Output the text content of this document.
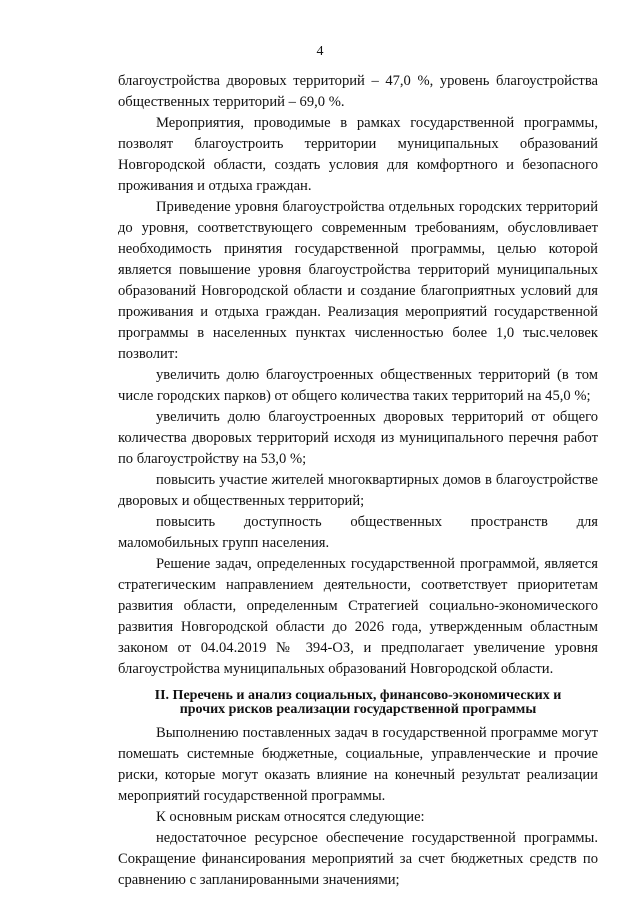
4

благоустройства дворовых территорий – 47,0 %, уровень благоустройства общественных территорий – 69,0 %.

Мероприятия, проводимые в рамках государственной программы, позволят благоустроить территории муниципальных образований Новгородской области, создать условия для комфортного и безопасного проживания и отдыха граждан.

Приведение уровня благоустройства отдельных городских территорий до уровня, соответствующего современным требованиям, обусловливает необходимость принятия государственной программы, целью которой является повышение уровня благоустройства территорий муниципальных образований Новгородской области и создание благоприятных условий для проживания и отдыха граждан. Реализация мероприятий государственной программы в населенных пунктах численностью более 1,0 тыс.человек позволит:

увеличить долю благоустроенных общественных территорий (в том числе городских парков) от общего количества таких территорий на 45,0 %;

увеличить долю благоустроенных дворовых территорий от общего количества дворовых территорий исходя из муниципального перечня работ по благоустройству на 53,0 %;

повысить участие жителей многоквартирных домов в благоустройстве дворовых и общественных территорий;

повысить доступность общественных пространств для маломобильных групп населения.

Решение задач, определенных государственной программой, является стратегическим направлением деятельности, соответствует приоритетам развития области, определенным Стратегией социально-экономического развития Новгородской области до 2026 года, утвержденным областным законом от 04.04.2019 № 394-ОЗ, и предполагает увеличение уровня благоустройства муниципальных образований Новгородской области.

II. Перечень и анализ социальных, финансово-экономических и прочих рисков реализации государственной программы

Выполнению поставленных задач в государственной программе могут помешать системные бюджетные, социальные, управленческие и прочие риски, которые могут оказать влияние на конечный результат реализации мероприятий государственной программы.

К основным рискам относятся следующие:

недостаточное ресурсное обеспечение государственной программы. Сокращение финансирования мероприятий за счет бюджетных средств по сравнению с запланированными значениями;
